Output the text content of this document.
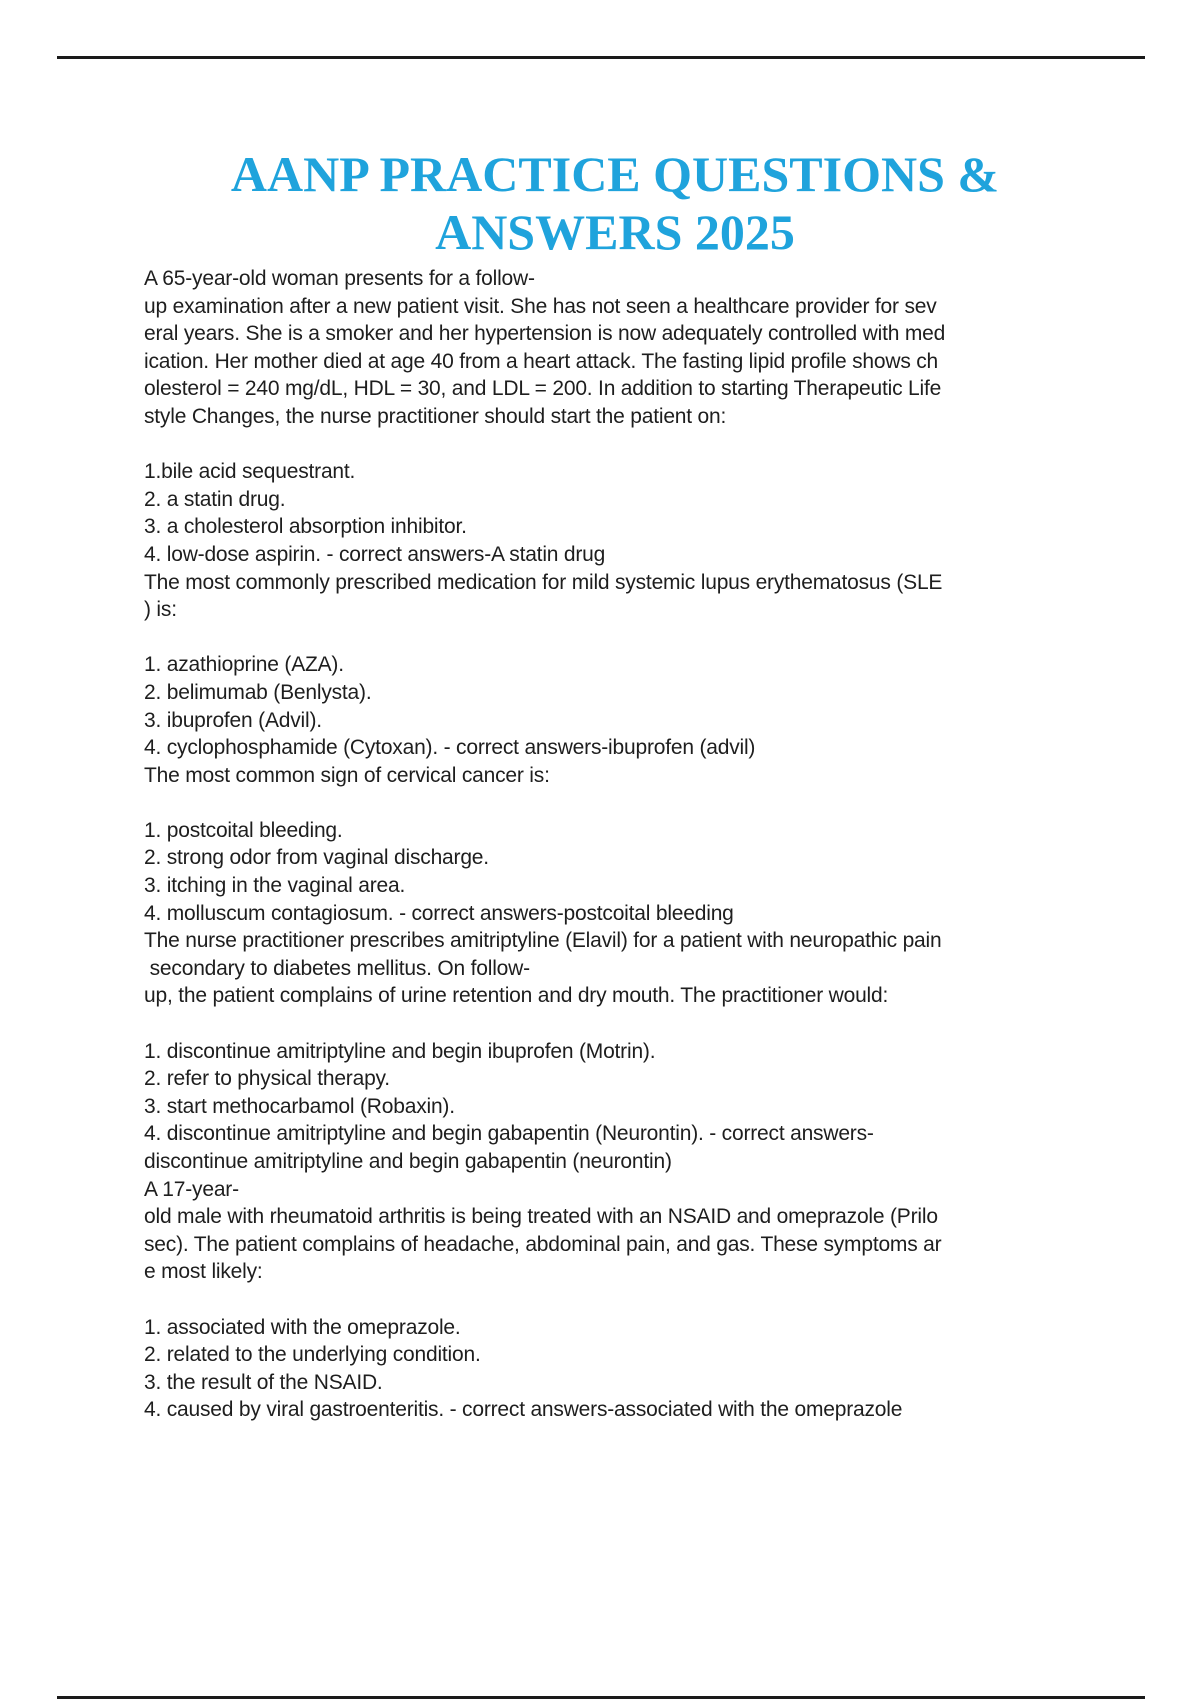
AANP PRACTICE QUESTIONS &
ANSWERS 2025
A 65-year-old woman presents for a follow-
up examination after a new patient visit. She has not seen a healthcare provider for sev
eral years. She is a smoker and her hypertension is now adequately controlled with med
ication. Her mother died at age 40 from a heart attack. The fasting lipid profile shows ch
olesterol = 240 mg/dL, HDL = 30, and LDL = 200. In addition to starting Therapeutic Life
style Changes, the nurse practitioner should start the patient on:
1.bile acid sequestrant.
2. a statin drug.
3. a cholesterol absorption inhibitor.
4. low-dose aspirin. - correct answers-A statin drug
The most commonly prescribed medication for mild systemic lupus erythematosus (SLE
) is:
1. azathioprine (AZA).
2. belimumab (Benlysta).
3. ibuprofen (Advil).
4. cyclophosphamide (Cytoxan). - correct answers-ibuprofen (advil)
The most common sign of cervical cancer is:
1. postcoital bleeding.
2. strong odor from vaginal discharge.
3. itching in the vaginal area.
4. molluscum contagiosum. - correct answers-postcoital bleeding
The nurse practitioner prescribes amitriptyline (Elavil) for a patient with neuropathic pain
secondary to diabetes mellitus. On follow-
up, the patient complains of urine retention and dry mouth. The practitioner would:
1. discontinue amitriptyline and begin ibuprofen (Motrin).
2. refer to physical therapy.
3. start methocarbamol (Robaxin).
4. discontinue amitriptyline and begin gabapentin (Neurontin). - correct answers-
discontinue amitriptyline and begin gabapentin (neurontin)
A 17-year-
old male with rheumatoid arthritis is being treated with an NSAID and omeprazole (Prilo
sec). The patient complains of headache, abdominal pain, and gas. These symptoms ar
e most likely:
1. associated with the omeprazole.
2. related to the underlying condition.
3. the result of the NSAID.
4. caused by viral gastroenteritis. - correct answers-associated with the omeprazole
